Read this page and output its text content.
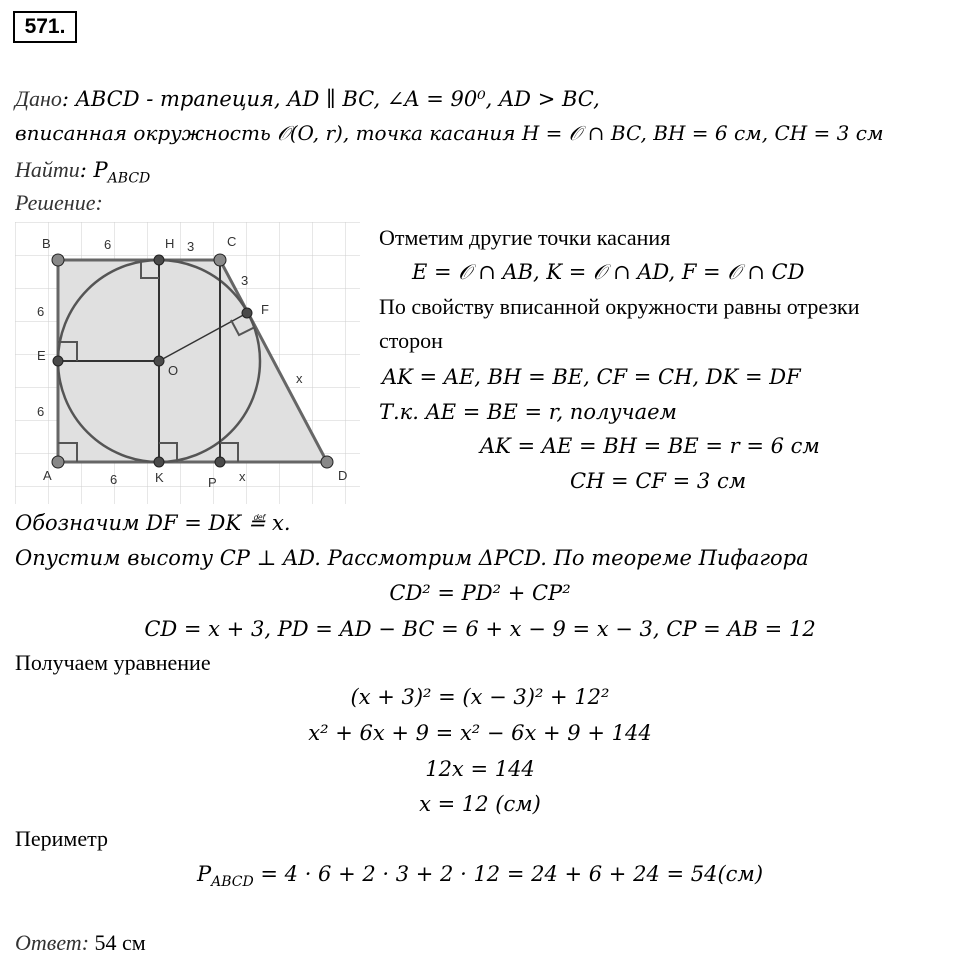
571.
Дано: ABCD - трапеция, AD ∥ BC, ∠A = 90⁰, AD > BC,
вписанная окружность 𝒪(O, r), точка касания H = 𝒪 ∩ BC, BH = 6 см, CH = 3 см
Найти: $P_{ABCD}$
Решение:
B	C
H
E
O
F
A	K	P	D
6
6
6
6
3
3
x
x
Отметим другие точки касания
E = 𝒪 ∩ AB, K = 𝒪 ∩ AD, F = 𝒪 ∩ CD
По свойству вписанной окружности равны отрезки
сторон
AK = AE, BH = BE, CF = CH, DK = DF
Т.к. AE = BE = r, получаем
AK = AE = BH = BE = r = 6 см
CH = CF = 3 см
Обозначим DF = DK ≝ x.
Опустим высоту CP ⊥ AD. Рассмотрим ΔPCD. По теореме Пифагора
CD² = PD² + CP²
CD = x + 3, PD = AD − BC = 6 + x − 9 = x − 3, CP = AB = 12
Получаем уравнение
(x + 3)² = (x − 3)² + 12²
x² + 6x + 9 = x² − 6x + 9 + 144
12x = 144
x = 12 (см)
Периметр
$P_{ABCD} = 4 \cdot 6 + 2 \cdot 3 + 2 \cdot 12 = 24 + 6 + 24 = 54(см)$
Ответ: 54 см
